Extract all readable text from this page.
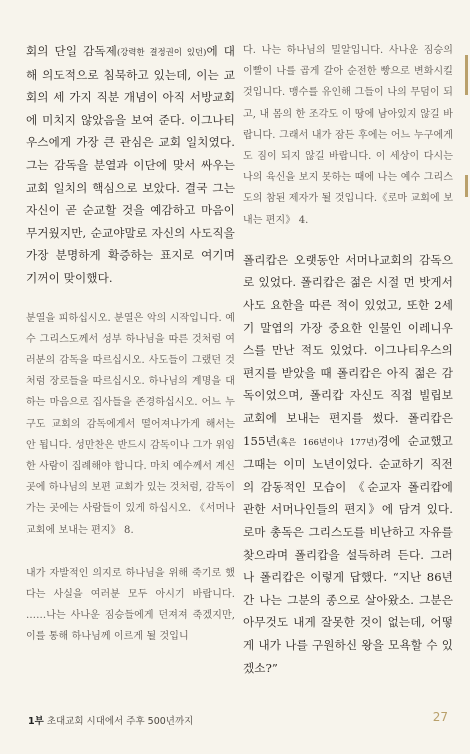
회의 단일 감독제(강력한 결정권이 있던)에 대해 의도적으로 침묵하고 있는데, 이는 교회의 세 가지 직분 개념이 아직 서방교회에 미치지 않았음을 보여 준다. 이그나티우스에게 가장 큰 관심은 교회 일치였다. 그는 감독을 분열과 이단에 맞서 싸우는 교회 일치의 핵심으로 보았다. 결국 그는 자신이 곧 순교할 것을 예감하고 마음이 무거웠지만, 순교야말로 자신의 사도직을 가장 분명하게 확증하는 표지로 여기며 기꺼이 맞이했다.

분열을 피하십시오. 분열은 악의 시작입니다. 예수 그리스도께서 성부 하나님을 따른 것처럼 여러분의 감독을 따르십시오. 사도들이 그랬던 것처럼 장로들을 따르십시오. 하나님의 계명을 대하는 마음으로 집사들을 존경하십시오. 어느 누구도 교회의 감독에게서 떨어져나가게 해서는 안 됩니다. 성만찬은 반드시 감독이나 그가 위임한 사람이 집례해야 합니다. 마치 예수께서 계신 곳에 하나님의 보편 교회가 있는 것처럼, 감독이 가는 곳에는 사람들이 있게 하십시오. 《서머나교회에 보내는 편지》 8.

내가 자발적인 의지로 하나님을 위해 죽기로 했다는 사실을 여러분 모두 아시기 바랍니다. ……나는 사나운 짐승들에게 던져져 죽겠지만, 이를 통해 하나님께 이르게 될 것입니

다. 나는 하나님의 밀알입니다. 사나운 짐승의 이빨이 나를 곱게 갈아 순전한 빵으로 변화시킬 것입니다. 맹수를 유인해 그들이 나의 무덤이 되고, 내 몸의 한 조각도 이 땅에 남아있지 않길 바랍니다. 그래서 내가 잠든 후에는 어느 누구에게도 짐이 되지 않길 바랍니다. 이 세상이 다시는 나의 육신을 보지 못하는 때에 나는 예수 그리스도의 참된 제자가 될 것입니다.《로마 교회에 보내는 편지》 4.

폴리캅은 오랫동안 서머나교회의 감독으로 있었다. 폴리캅은 젊은 시절 먼 밧게서 사도 요한을 따른 적이 있었고, 또한 2세기 말엽의 가장 중요한 인물인 이레니우스를 만난 적도 있었다. 이그나티우스의 편지를 받았을 때 폴리캅은 아직 젊은 감독이었으며, 폴리캅 자신도 직접 빌립보 교회에 보내는 편지를 썼다. 폴리캅은 155년(혹은 166년이나 177년)경에 순교했고 그때는 이미 노년이었다. 순교하기 직전의 감동적인 모습이 《순교자 폴리캅에 관한 서머나인들의 편지》에 담겨 있다. 로마 총독은 그리스도를 비난하고 자유를 찾으라며 폴리캅을 설득하려 든다. 그러나 폴리캅은 이렇게 답했다. “지난 86년간 나는 그분의 종으로 살아왔소. 그분은 아무것도 내게 잘못한 것이 없는데, 어떻게 내가 나를 구원하신 왕을 모욕할 수 있겠소?”

1부 초대교회 시대에서 주후 500년까지	27
